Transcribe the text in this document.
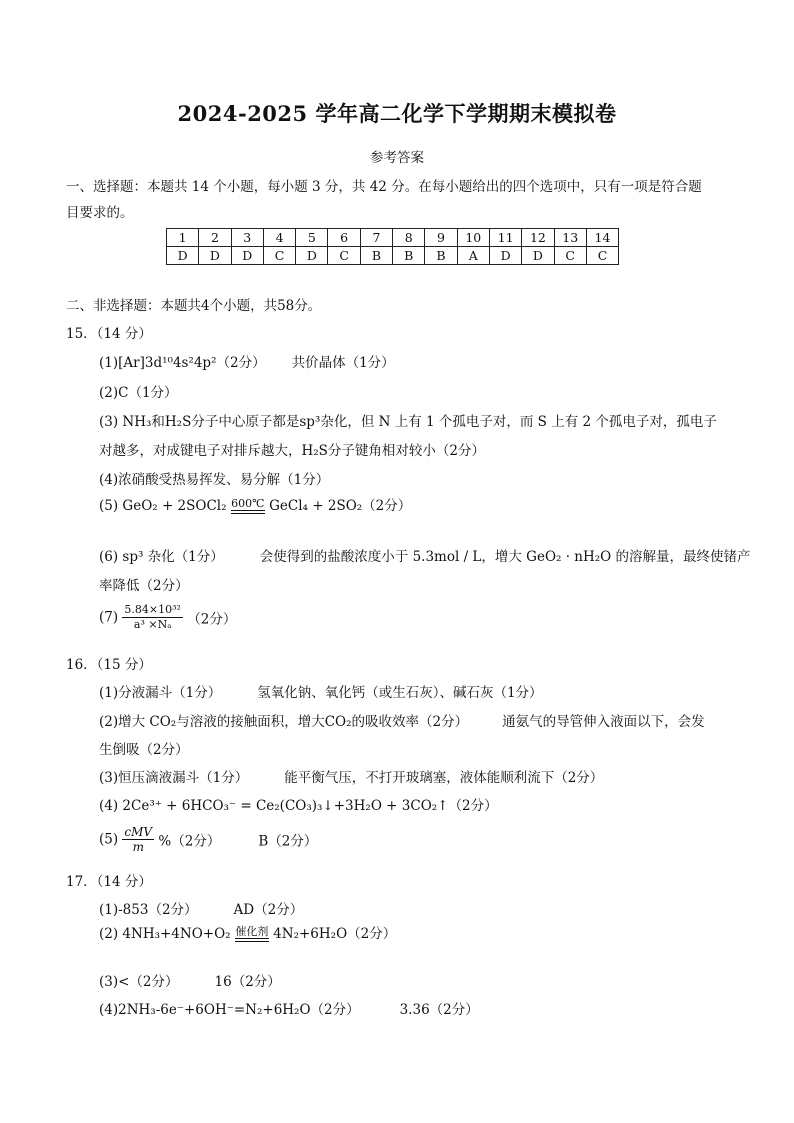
2024-2025 学年高二化学下学期期末模拟卷
参考答案
一、选择题：本题共 14 个小题，每小题 3 分，共 42 分。在每小题给出的四个选项中，只有一项是符合题
目要求的。
1	2	3	4	5	6	7	8	9	10	11	12	13	14
D	D	D	C	D	C	B	B	B	A	D	D	C	C
二、非选择题：本题共4个小题，共58分。
15．（14 分）
(1)[Ar]3d¹⁰4s²4p²（2分） 共价晶体（1分）
(2)C（1分）
(3) NH₃和H₂S分子中心原子都是sp³杂化，但 N 上有 1 个孤电子对，而 S 上有 2 个孤电子对，孤电子
对越多，对成键电子对排斥越大，H₂S分子键角相对较小（2分）
(4)浓硝酸受热易挥发、易分解（1分）
(5) GeO₂ + 2SOCl₂ 600℃ GeCl₄ + 2SO₂（2分）
(6) sp³ 杂化（1分）	会使得到的盐酸浓度小于 5.3mol / L，增大 GeO₂ · nH₂O 的溶解量，最终使锗产
率降低（2分）
$(7) \frac{\text{5.84×10³²}}{\text{a³ ×Nₐ}} (2$分）
16．（15 分）
(1)分液漏斗（1分）	氢氧化钠、氧化钙（或生石灰）、碱石灰（1分）
(2)增大 CO₂与溶液的接触面积，增大CO₂的吸收效率（2分）	通氨气的导管伸入液面以下，会发
生倒吸（2分）
(3)恒压滴液漏斗（1分）	能平衡气压，不打开玻璃塞，液体能顺利流下（2分）
(4) 2Ce³⁺ + 6HCO₃⁻ = Ce₂(CO₃)₃↓+3H₂O + 3CO₂↑（2分）
$(5) \frac{\text{cMV}}{m} \%(2$分）	B（2分）
17．（14 分）
(1)-853（2分）	AD（2分）
(2) 4NH₃+4NO+O₂ 催化剂 4N₂+6H₂O（2分）
(3)<（2分）	16（2分）
(4)2NH₃-6e⁻+6OH⁻=N₂+6H₂O（2分）	3.36（2分）
